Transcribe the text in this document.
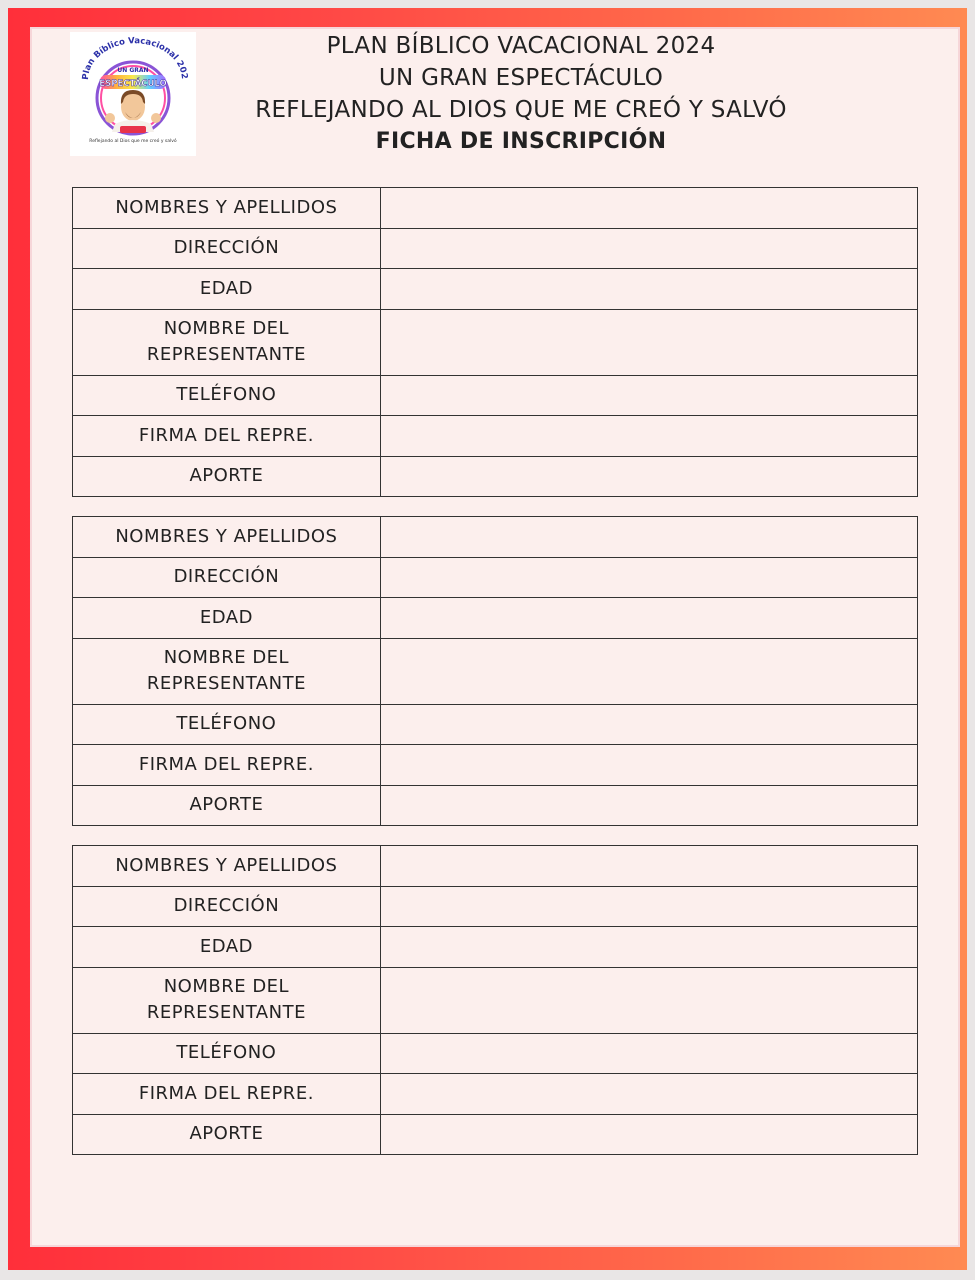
Plan Bíblico Vacacional 202
UN GRAN
ESPECTÁCULO
Reflejando al Dios que me creó y salvó
PLAN BÍBLICO VACACIONAL 2024
UN GRAN ESPECTÁCULO
REFLEJANDO AL DIOS QUE ME CREÓ Y SALVÓ
FICHA DE INSCRIPCIÓN
NOMBRES Y APELLIDOS	
DIRECCIÓN	
EDAD	
NOMBRE DEL
REPRESENTANTE	
TELÉFONO	
FIRMA DEL REPRE.	
APORTE	
NOMBRES Y APELLIDOS	
DIRECCIÓN	
EDAD	
NOMBRE DEL
REPRESENTANTE	
TELÉFONO	
FIRMA DEL REPRE.	
APORTE	
NOMBRES Y APELLIDOS	
DIRECCIÓN	
EDAD	
NOMBRE DEL
REPRESENTANTE	
TELÉFONO	
FIRMA DEL REPRE.	
APORTE	
